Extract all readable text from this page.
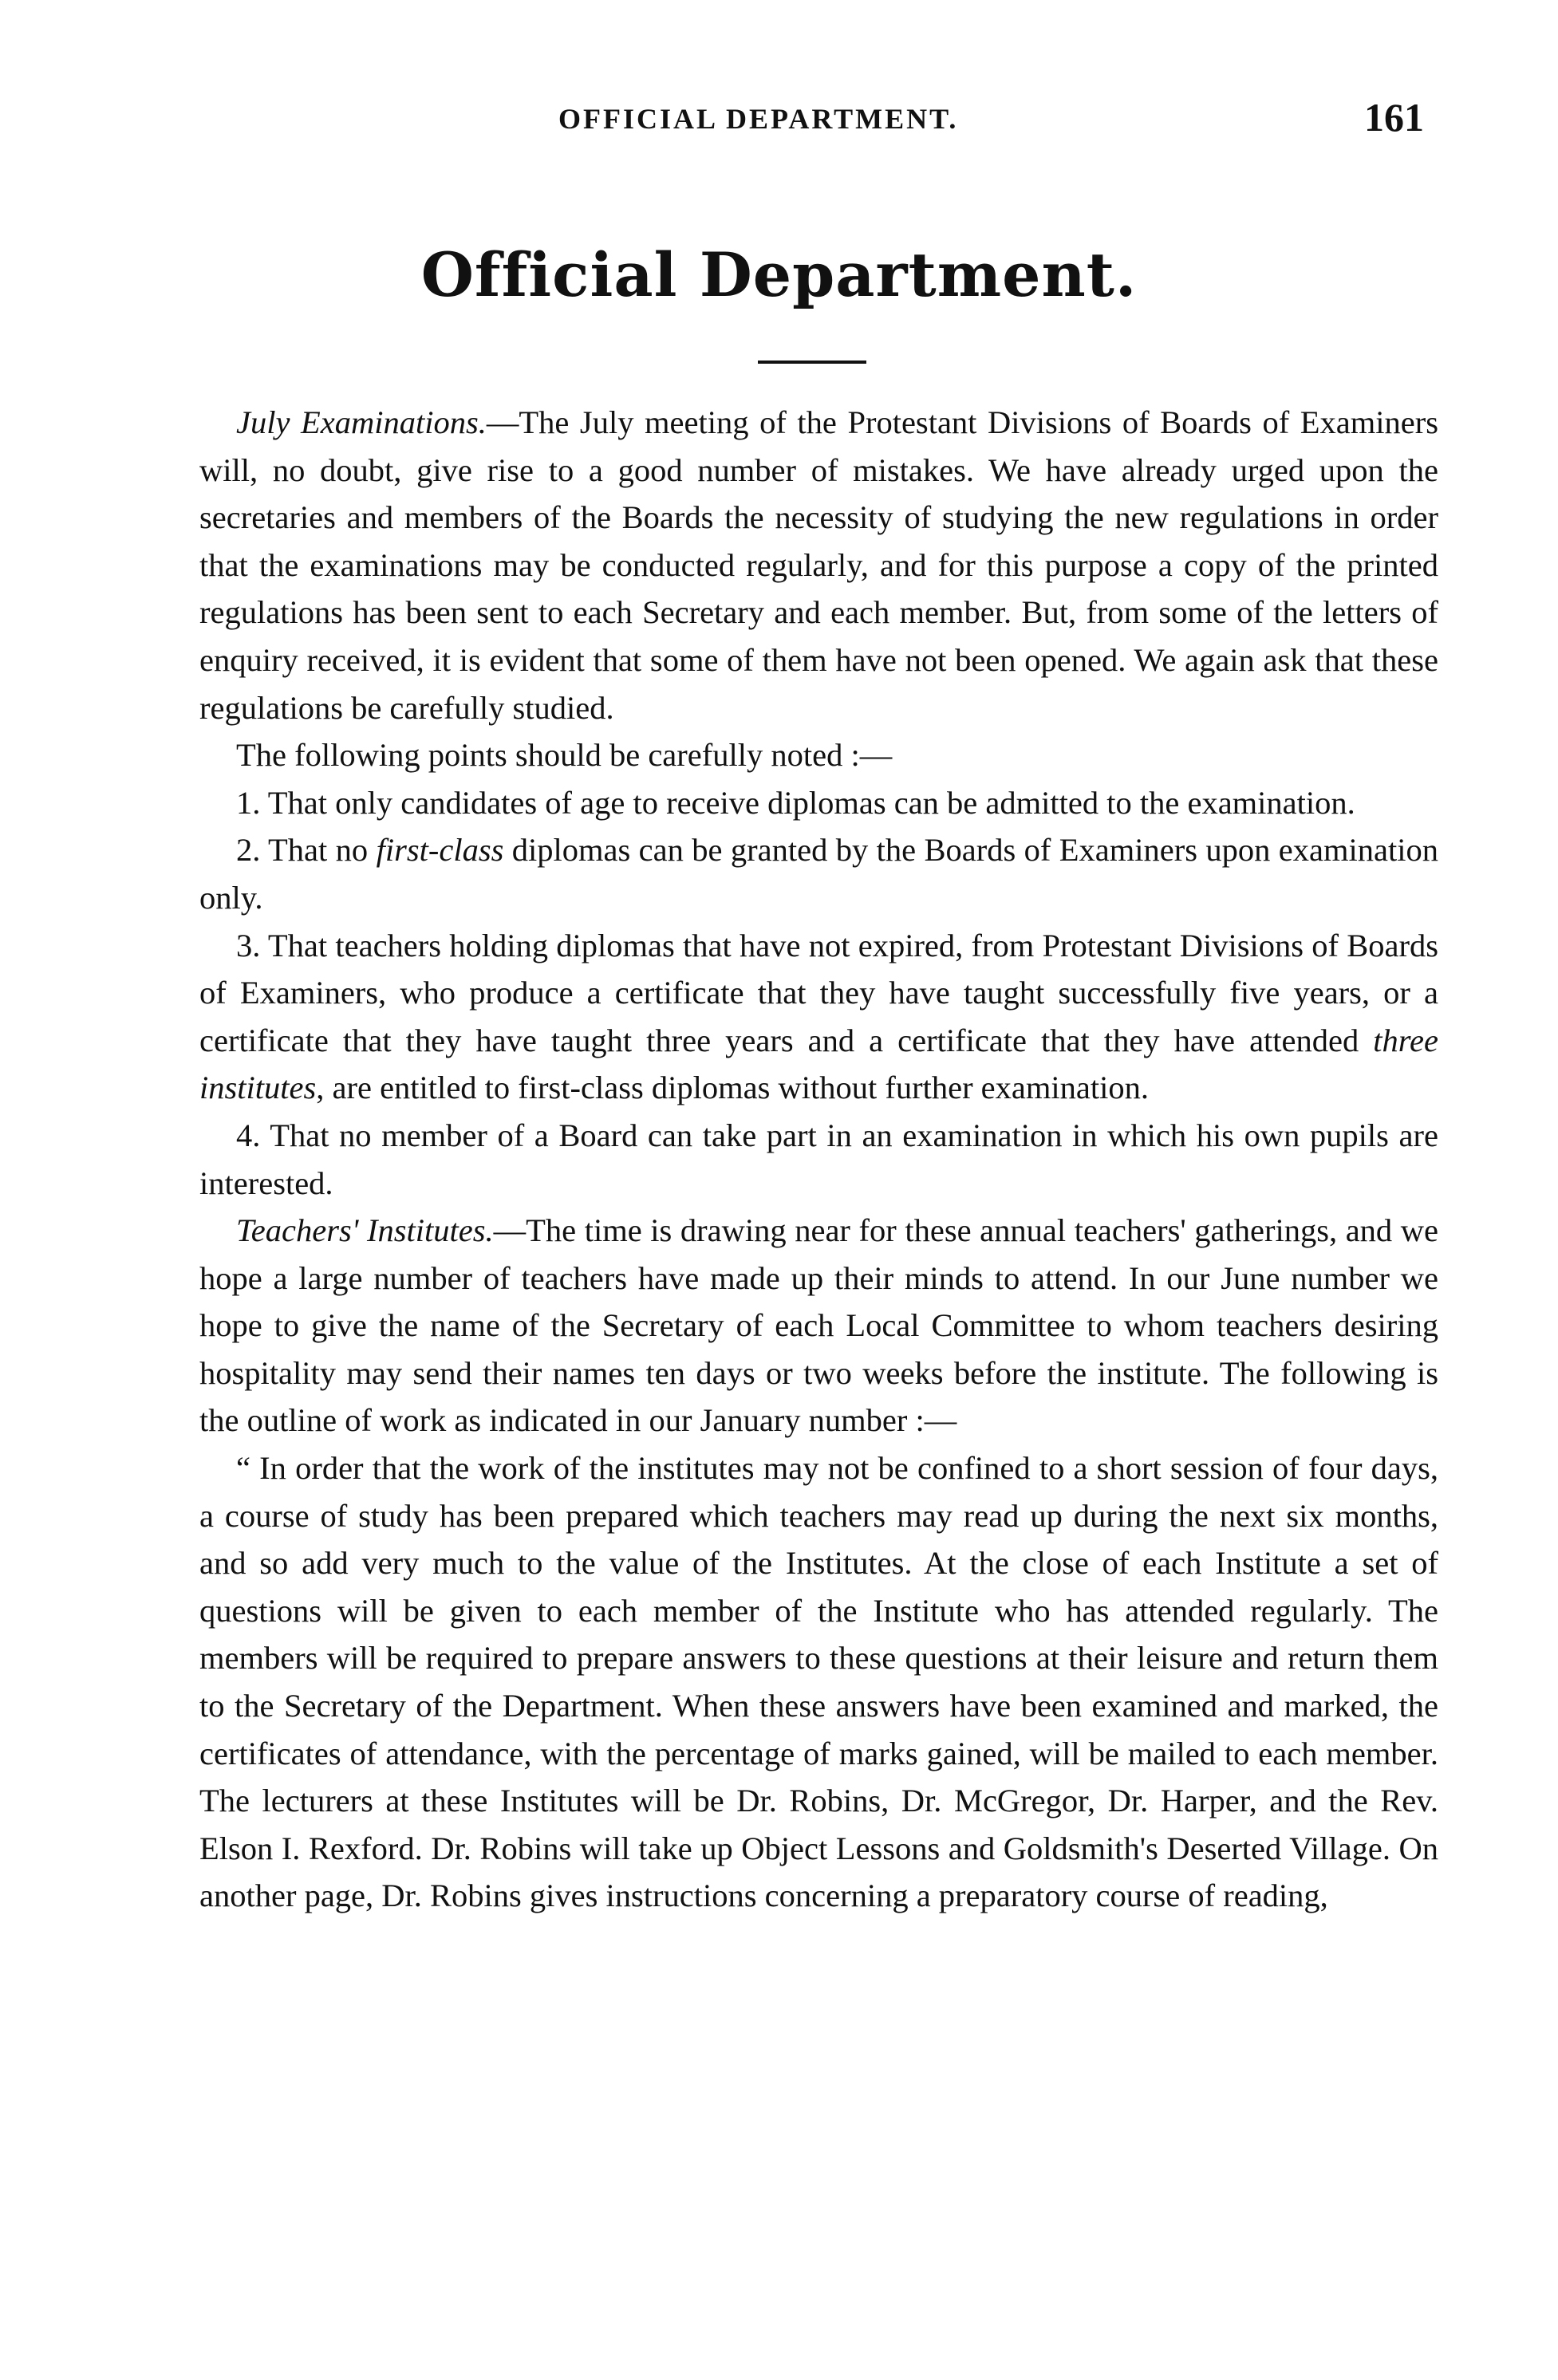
OFFICIAL DEPARTMENT.	161
Official Department.

July Examinations.—The July meeting of the Protestant Divisions of Boards of Examiners will, no doubt, give rise to a good number of mistakes. We have already urged upon the secretaries and members of the Boards the necessity of studying the new regulations in order that the examinations may be conducted regularly, and for this purpose a copy of the printed regulations has been sent to each Secretary and each member. But, from some of the letters of enquiry received, it is evident that some of them have not been opened. We again ask that these regulations be carefully studied.

The following points should be carefully noted :—

1. That only candidates of age to receive diplomas can be admitted to the examination.

2. That no first-class diplomas can be granted by the Boards of Examiners upon examination only.

3. That teachers holding diplomas that have not expired, from Protestant Divisions of Boards of Examiners, who produce a certificate that they have taught successfully five years, or a certificate that they have taught three years and a certificate that they have attended three institutes, are entitled to first-class diplomas without further examination.

4. That no member of a Board can take part in an examination in which his own pupils are interested.

Teachers' Institutes.—The time is drawing near for these annual teachers' gatherings, and we hope a large number of teachers have made up their minds to attend. In our June number we hope to give the name of the Secretary of each Local Committee to whom teachers desiring hospitality may send their names ten days or two weeks before the institute. The following is the outline of work as indicated in our January number :—

“ In order that the work of the institutes may not be confined to a short session of four days, a course of study has been prepared which teachers may read up during the next six months, and so add very much to the value of the Institutes. At the close of each Institute a set of questions will be given to each member of the Institute who has attended regularly. The members will be required to prepare answers to these questions at their leisure and return them to the Secretary of the Department. When these answers have been examined and marked, the certificates of attendance, with the percentage of marks gained, will be mailed to each member. The lecturers at these Institutes will be Dr. Robins, Dr. McGregor, Dr. Harper, and the Rev. Elson I. Rexford. Dr. Robins will take up Object Lessons and Goldsmith's Deserted Village. On another page, Dr. Robins gives instructions concerning a preparatory course of reading,
